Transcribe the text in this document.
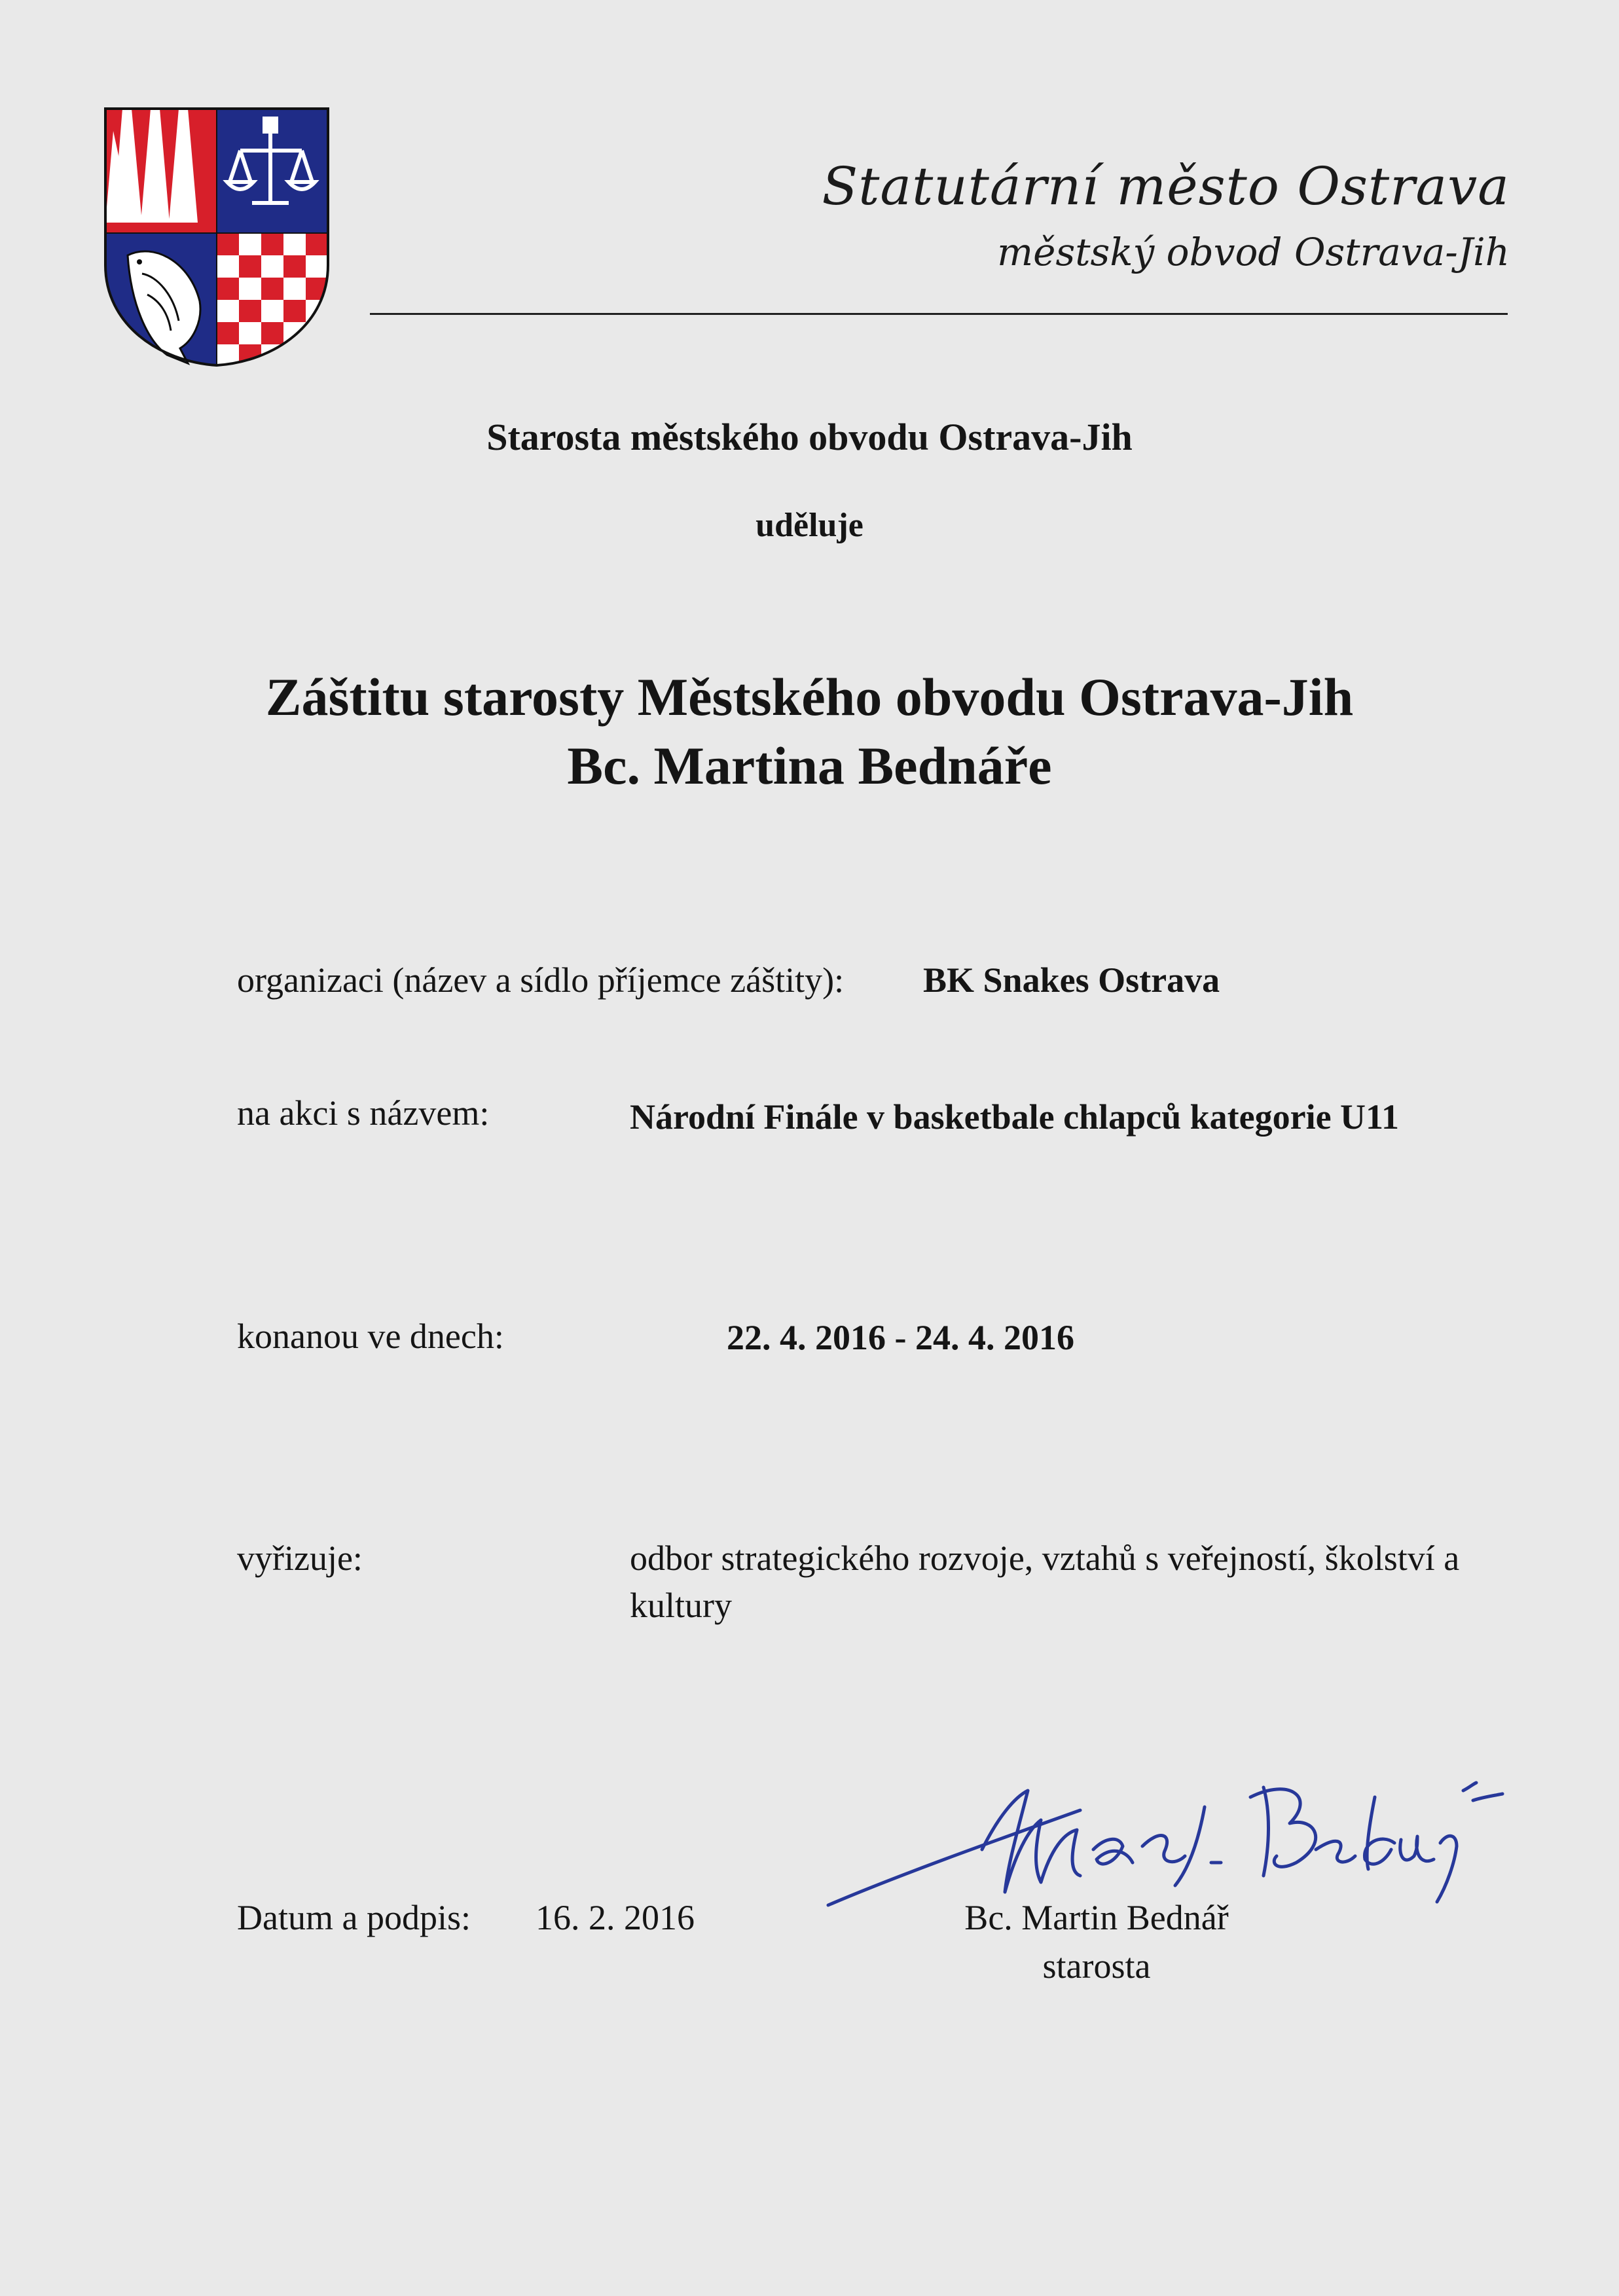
Statutární město Ostrava
městský obvod Ostrava-Jih
Starosta městského obvodu Ostrava-Jih
uděluje
Záštitu starosty Městského obvodu Ostrava-Jih
Bc. Martina Bednáře
organizaci (název a sídlo příjemce záštity): BK Snakes Ostrava
na akci s názvem:	Národní Finále v basketbale chlapců kategorie U11
konanou ve dnech:	22. 4. 2016 - 24. 4. 2016
vyřizuje:	odbor strategického rozvoje, vztahů s veřejností, školství a kultury
Datum a podpis: 16. 2. 2016	Bc. Martin Bednář
starosta
